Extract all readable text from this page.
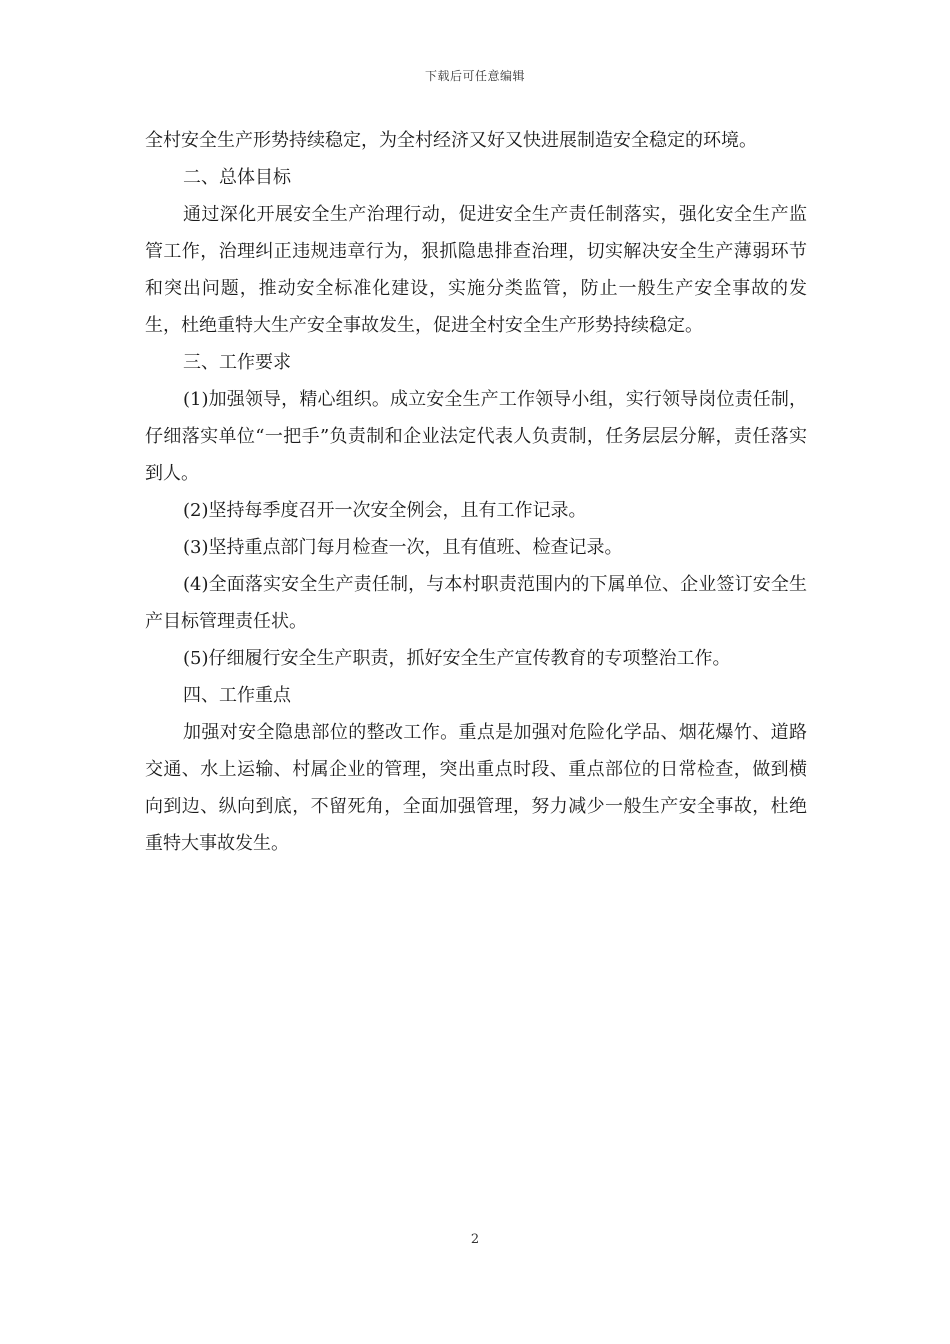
下载后可任意编辑

全村安全生产形势持续稳定，为全村经济又好又快进展制造安全稳定的环境。

二、总体目标

通过深化开展安全生产治理行动，促进安全生产责任制落实，强化安全生产监管工作，治理纠正违规违章行为，狠抓隐患排查治理，切实解决安全生产薄弱环节和突出问题，推动安全标准化建设，实施分类监管，防止一般生产安全事故的发生，杜绝重特大生产安全事故发生，促进全村安全生产形势持续稳定。

三、工作要求

(1)加强领导，精心组织。成立安全生产工作领导小组，实行领导岗位责任制，仔细落实单位“一把手”负责制和企业法定代表人负责制，任务层层分解，责任落实到人。

(2)坚持每季度召开一次安全例会，且有工作记录。

(3)坚持重点部门每月检查一次，且有值班、检查记录。

(4)全面落实安全生产责任制，与本村职责范围内的下属单位、企业签订安全生产目标管理责任状。

(5)仔细履行安全生产职责，抓好安全生产宣传教育的专项整治工作。

四、工作重点

加强对安全隐患部位的整改工作。重点是加强对危险化学品、烟花爆竹、道路交通、水上运输、村属企业的管理，突出重点时段、重点部位的日常检查，做到横向到边、纵向到底，不留死角，全面加强管理，努力减少一般生产安全事故，杜绝重特大事故发生。

2
